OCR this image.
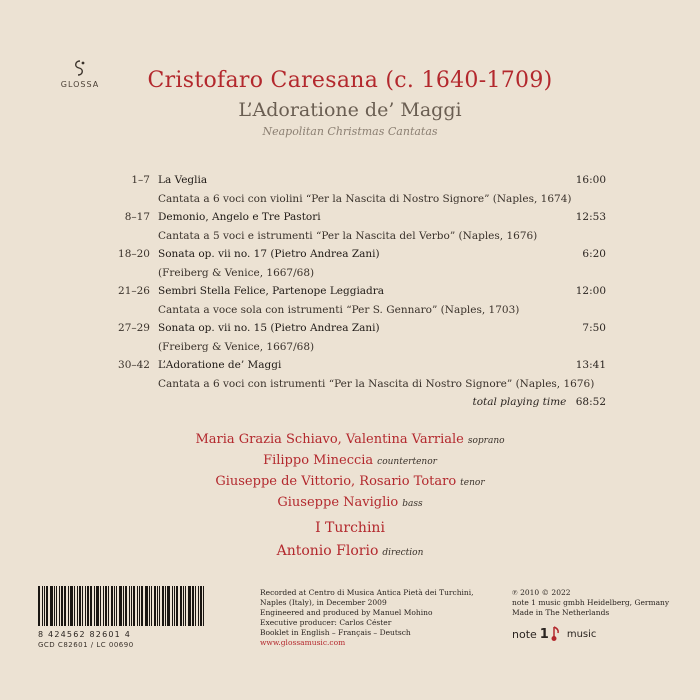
GLOSSA	Cristofaro Caresana (c. 1640-1709)
L’Adoratione de’ Maggi
Neapolitan Christmas Cantatas
1–7 La Veglia
Cantata a 6 voci con violini “Per la Nascita di Nostro Signore” (Naples, 1674)
16:00
8–17 Demonio, Angelo e Tre Pastori
Cantata a 5 voci e istrumenti “Per la Nascita del Verbo” (Naples, 1676)
12:53
18–20 Sonata op. vii no. 17 (Pietro Andrea Zani)
(Freiberg & Venice, 1667/68)
6:20
21–26 Sembri Stella Felice, Partenope Leggiadra
Cantata a voce sola con istrumenti “Per S. Gennaro” (Naples, 1703)
12:00
27–29 Sonata op. vii no. 15 (Pietro Andrea Zani)
(Freiberg & Venice, 1667/68)
7:50
30–42 L’Adoratione de’ Maggi
Cantata a 6 voci con istrumenti “Per la Nascita di Nostro Signore” (Naples, 1676)
13:41
total playing time 68:52
Maria Grazia Schiavo, Valentina Varriale soprano
Filippo Mineccia countertenor
Giuseppe de Vittorio, Rosario Totaro tenor
Giuseppe Naviglio bass
I Turchini
Antonio Florio direction
8 424562 82601 4
GCD C82601 / LC 00690
Recorded at Centro di Musica Antica Pietà dei Turchini,
Naples (Italy), in December 2009
Engineered and produced by Manuel Mohino
Executive producer: Carlos Céster
Booklet in English – Français – Deutsch
www.glossamusic.com
℗ 2010 © 2022
note 1 music gmbh Heidelberg, Germany
Made in The Netherlands
note 1 music
